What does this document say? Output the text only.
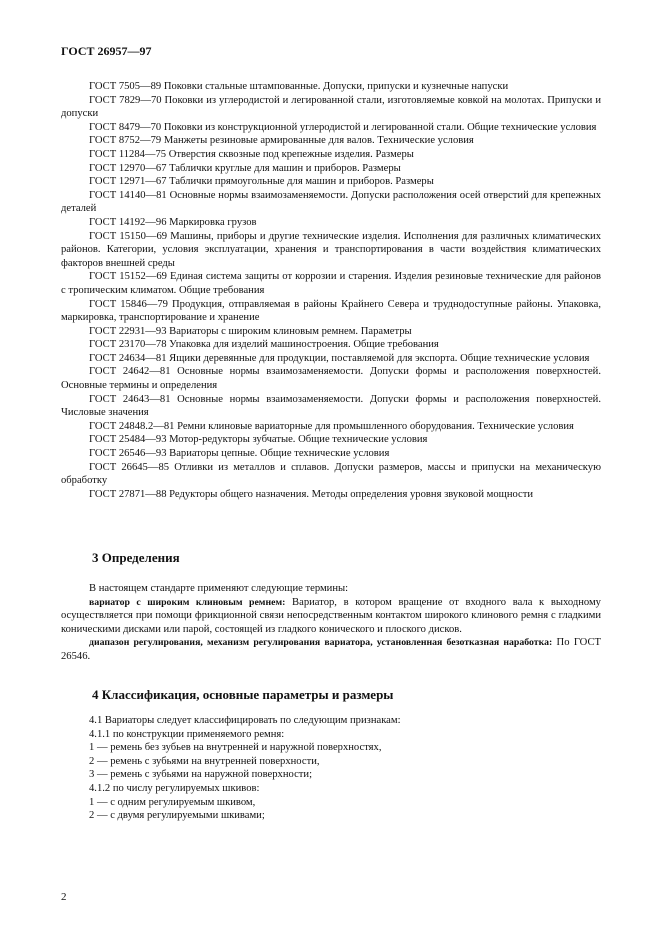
ГОСТ 26957—97

ГОСТ 7505—89 Поковки стальные штампованные. Допуски, припуски и кузнечные напуски

ГОСТ 7829—70 Поковки из углеродистой и легированной стали, изготовляемые ковкой на молотах. Припуски и допуски

ГОСТ 8479—70 Поковки из конструкционной углеродистой и легированной стали. Общие технические условия

ГОСТ 8752—79 Манжеты резиновые армированные для валов. Технические условия

ГОСТ 11284—75 Отверстия сквозные под крепежные изделия. Размеры

ГОСТ 12970—67 Таблички круглые для машин и приборов. Размеры

ГОСТ 12971—67 Таблички прямоугольные для машин и приборов. Размеры

ГОСТ 14140—81 Основные нормы взаимозаменяемости. Допуски расположения осей отверстий для крепежных деталей

ГОСТ 14192—96 Маркировка грузов

ГОСТ 15150—69 Машины, приборы и другие технические изделия. Исполнения для различных климатических районов. Категории, условия эксплуатации, хранения и транспортирования в части воздействия климатических факторов внешней среды

ГОСТ 15152—69 Единая система защиты от коррозии и старения. Изделия резиновые технические для районов с тропическим климатом. Общие требования

ГОСТ 15846—79 Продукция, отправляемая в районы Крайнего Севера и труднодоступные районы. Упаковка, маркировка, транспортирование и хранение

ГОСТ 22931—93 Вариаторы с широким клиновым ремнем. Параметры

ГОСТ 23170—78 Упаковка для изделий машиностроения. Общие требования

ГОСТ 24634—81 Ящики деревянные для продукции, поставляемой для экспорта. Общие технические условия

ГОСТ 24642—81 Основные нормы взаимозаменяемости. Допуски формы и расположения поверхностей. Основные термины и определения

ГОСТ 24643—81 Основные нормы взаимозаменяемости. Допуски формы и расположения поверхностей. Числовые значения

ГОСТ 24848.2—81 Ремни клиновые вариаторные для промышленного оборудования. Технические условия

ГОСТ 25484—93 Мотор-редукторы зубчатые. Общие технические условия

ГОСТ 26546—93 Вариаторы цепные. Общие технические условия

ГОСТ 26645—85 Отливки из металлов и сплавов. Допуски размеров, массы и припуски на механическую обработку

ГОСТ 27871—88 Редукторы общего назначения. Методы определения уровня звуковой мощности

3 Определения

В настоящем стандарте применяют следующие термины:

вариатор с широким клиновым ремнем: Вариатор, в котором вращение от входного вала к выходному осуществляется при помощи фрикционной связи непосредственным контактом широкого клинового ремня с гладкими коническими дисками или парой, состоящей из гладкого конического и плоского дисков.

диапазон регулирования, механизм регулирования вариатора, установленная безотказная наработка: По ГОСТ 26546.

4 Классификация, основные параметры и размеры

4.1 Вариаторы следует классифицировать по следующим признакам:

4.1.1 по конструкции применяемого ремня:

1 — ремень без зубьев на внутренней и наружной поверхностях,

2 — ремень с зубьями на внутренней поверхности,

3 — ремень с зубьями на наружной поверхности;

4.1.2 по числу регулируемых шкивов:

1 — с одним регулируемым шкивом,

2 — с двумя регулируемыми шкивами;

2
